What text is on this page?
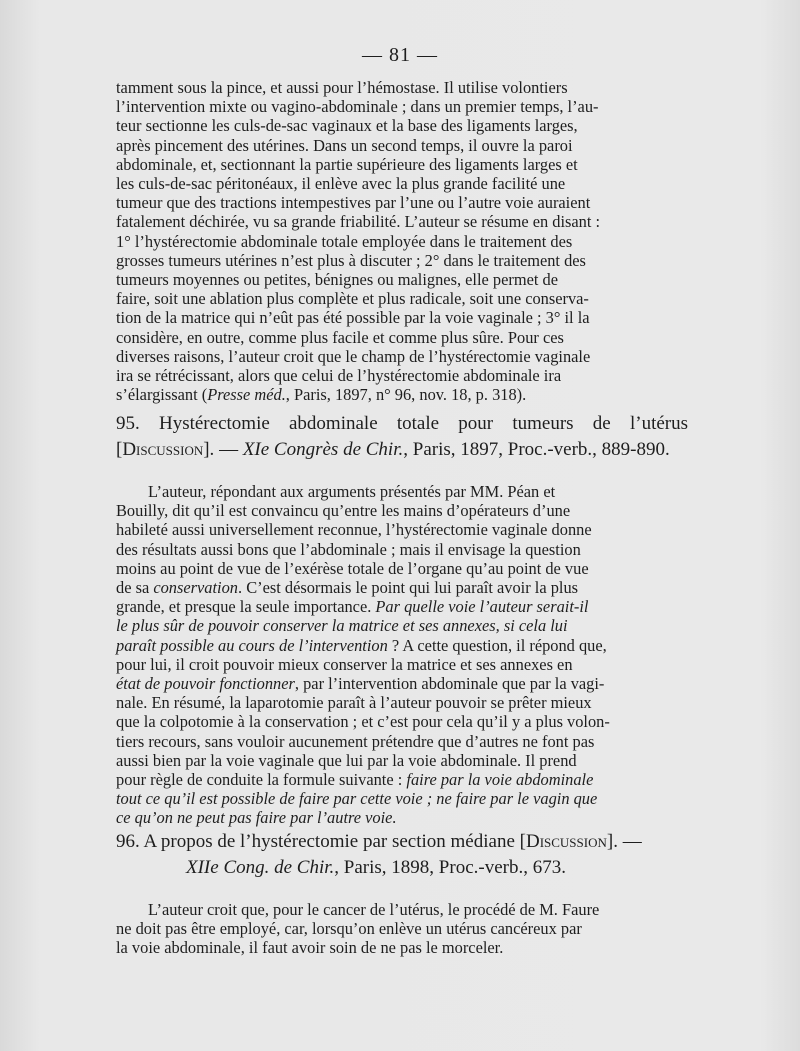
— 81 —
tamment sous la pince, et aussi pour l’hémostase. Il utilise volontiers
l’intervention mixte ou vagino-abdominale ; dans un premier temps, l’au-
teur sectionne les culs-de-sac vaginaux et la base des ligaments larges,
après pincement des utérines. Dans un second temps, il ouvre la paroi
abdominale, et, sectionnant la partie supérieure des ligaments larges et
les culs-de-sac péritonéaux, il enlève avec la plus grande facilité une
tumeur que des tractions intempestives par l’une ou l’autre voie auraient
fatalement déchirée, vu sa grande friabilité. L’auteur se résume en disant :
1° l’hystérectomie abdominale totale employée dans le traitement des
grosses tumeurs utérines n’est plus à discuter ; 2° dans le traitement des
tumeurs moyennes ou petites, bénignes ou malignes, elle permet de
faire, soit une ablation plus complète et plus radicale, soit une conserva-
tion de la matrice qui n’eût pas été possible par la voie vaginale ; 3° il la
considère, en outre, comme plus facile et comme plus sûre. Pour ces
diverses raisons, l’auteur croit que le champ de l’hystérectomie vaginale
ira se rétrécissant, alors que celui de l’hystérectomie abdominale ira
s’élargissant (Presse méd., Paris, 1897, n° 96, nov. 18, p. 318).
95. Hystérectomie abdominale totale pour tumeurs de l’utérus [Discussion]. — XIe Congrès de Chir., Paris, 1897, Proc.-verb., 889-890.
L’auteur, répondant aux arguments présentés par MM. Péan et
Bouilly, dit qu’il est convaincu qu’entre les mains d’opérateurs d’une
habileté aussi universellement reconnue, l’hystérectomie vaginale donne
des résultats aussi bons que l’abdominale ; mais il envisage la question
moins au point de vue de l’exérèse totale de l’organe qu’au point de vue
de sa conservation. C’est désormais le point qui lui paraît avoir la plus
grande, et presque la seule importance. Par quelle voie l’auteur serait-il
le plus sûr de pouvoir conserver la matrice et ses annexes, si cela lui
paraît possible au cours de l’intervention ? A cette question, il répond que,
pour lui, il croit pouvoir mieux conserver la matrice et ses annexes en
état de pouvoir fonctionner, par l’intervention abdominale que par la vagi-
nale. En résumé, la laparotomie paraît à l’auteur pouvoir se prêter mieux
que la colpotomie à la conservation ; et c’est pour cela qu’il y a plus volon-
tiers recours, sans vouloir aucunement prétendre que d’autres ne font pas
aussi bien par la voie vaginale que lui par la voie abdominale. Il prend
pour règle de conduite la formule suivante : faire par la voie abdominale
tout ce qu’il est possible de faire par cette voie ; ne faire par le vagin que
ce qu’on ne peut pas faire par l’autre voie.
96. A propos de l’hystérectomie par section médiane [Discussion]. —
XIIe Cong. de Chir., Paris, 1898, Proc.-verb., 673.
L’auteur croit que, pour le cancer de l’utérus, le procédé de M. Faure
ne doit pas être employé, car, lorsqu’on enlève un utérus cancéreux par
la voie abdominale, il faut avoir soin de ne pas le morceler.
